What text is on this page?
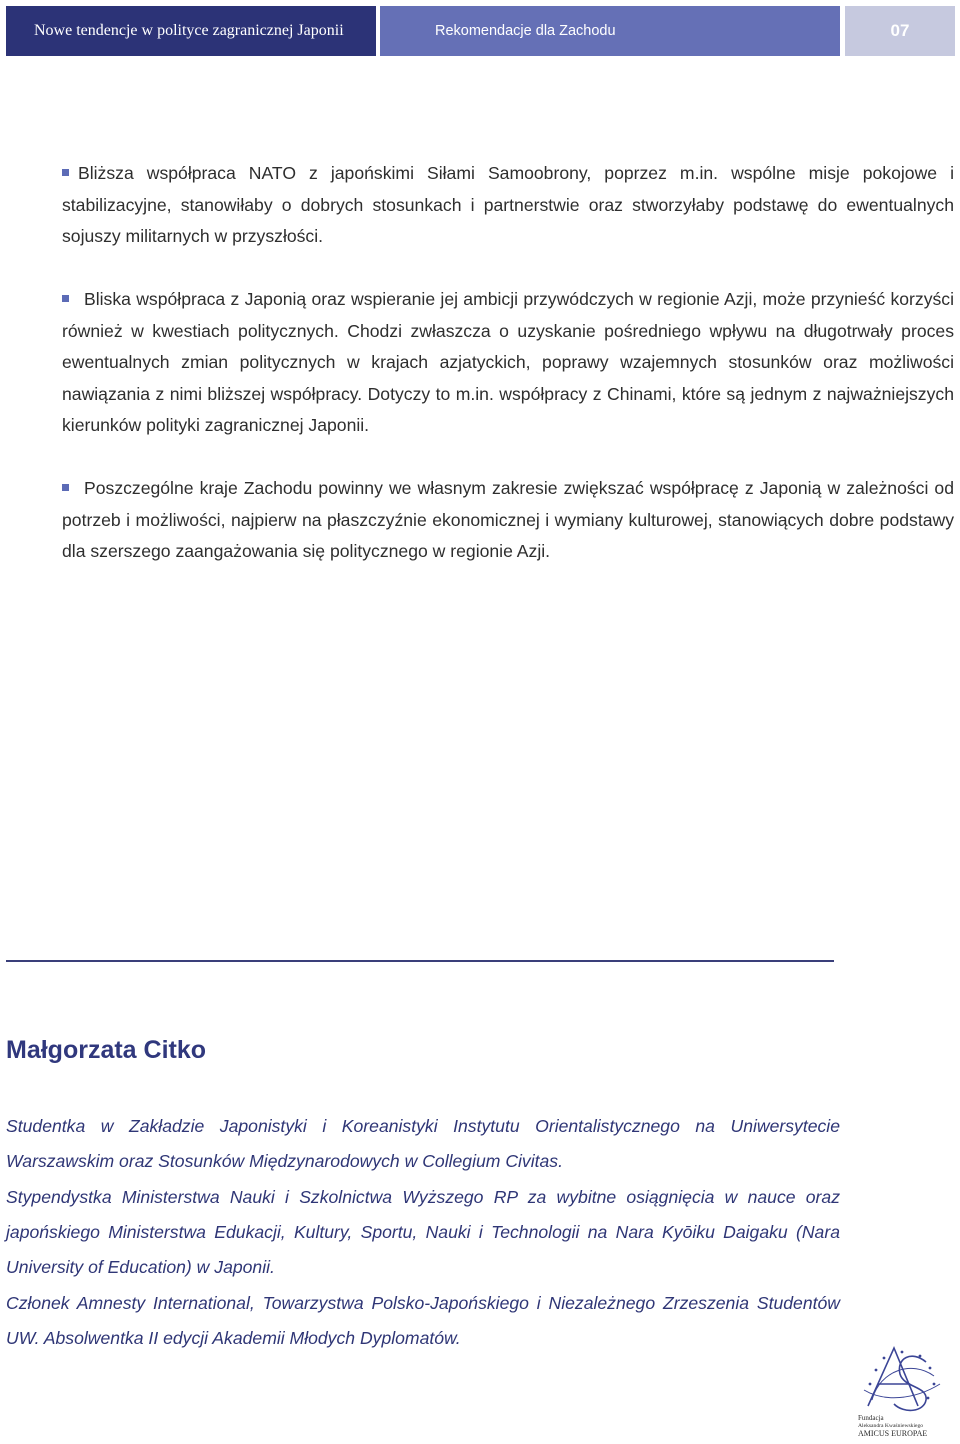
Nowe tendencje w polityce zagranicznej Japonii	Rekomendacje dla Zachodu	07

Bliższa współpraca NATO z japońskimi Siłami Samoobrony, poprzez m.in. wspólne misje pokojowe i stabilizacyjne, stanowiłaby o dobrych stosunkach i partnerstwie oraz stworzyłaby podstawę do ewentualnych sojuszy militarnych w przyszłości.

Bliska współpraca z Japonią oraz wspieranie jej ambicji przywódczych w regionie Azji, może przynieść korzyści również w kwestiach politycznych. Chodzi zwłaszcza o uzyskanie pośredniego wpływu na długotrwały proces ewentualnych zmian politycznych w krajach azjatyckich, poprawy wzajemnych stosunków oraz możliwości nawiązania z nimi bliższej współpracy. Dotyczy to m.in. współpracy z Chinami, które są jednym z najważniejszych kierunków polityki zagranicznej Japonii.

Poszczególne kraje Zachodu powinny we własnym zakresie zwiększać współpracę z Japonią w zależności od potrzeb i możliwości, najpierw na płaszczyźnie ekonomicznej i wymiany kulturowej, stanowiących dobre podstawy dla szerszego zaangażowania się politycznego w regionie Azji.

Małgorzata Citko

Studentka w Zakładzie Japonistyki i Koreanistyki Instytutu Orientalistycznego na Uniwersytecie Warszawskim oraz Stosunków Międzynarodowych w Collegium Civitas.

Stypendystka Ministerstwa Nauki i Szkolnictwa Wyższego RP za wybitne osiągnięcia w nauce oraz japońskiego Ministerstwa Edukacji, Kultury, Sportu, Nauki i Technologii na Nara Kyōiku Daigaku (Nara University of Education) w Japonii.

Członek Amnesty International, Towarzystwa Polsko-Japońskiego i Niezależnego Zrzeszenia Studentów UW. Absolwentka II edycji Akademii Młodych Dyplomatów.

Fundacja
Aleksandra Kwaśniewskiego
AMICUS EUROPAE
